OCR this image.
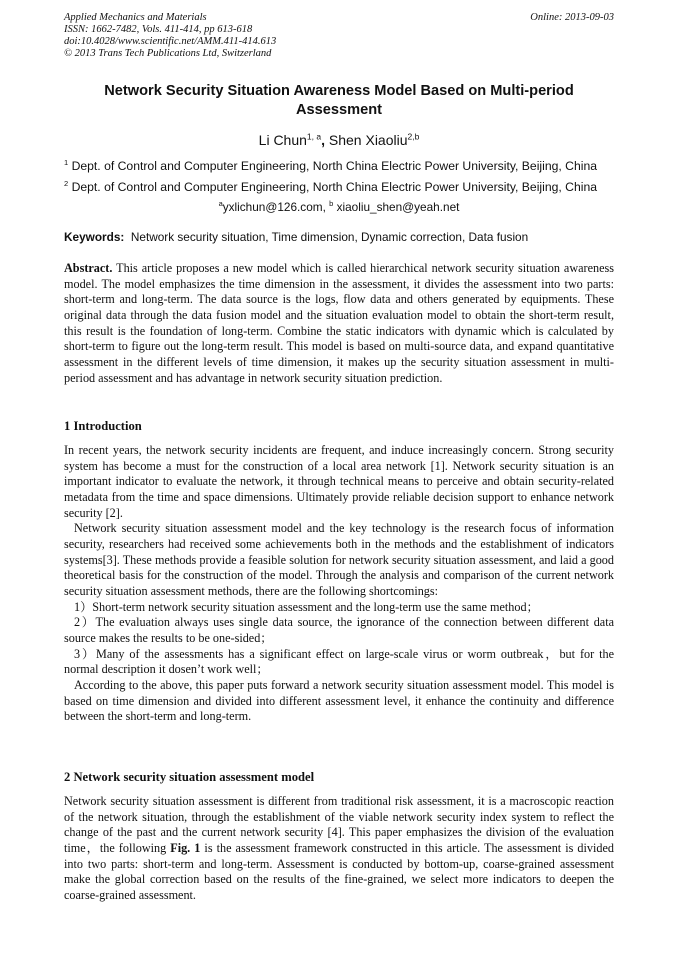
Applied Mechanics and Materials
ISSN: 1662-7482, Vols. 411-414, pp 613-618
doi:10.4028/www.scientific.net/AMM.411-414.613
© 2013 Trans Tech Publications Ltd, Switzerland
Online: 2013-09-03
Network Security Situation Awareness Model Based on Multi-period Assessment
Li Chun$^{1, a}$, Shen Xiaoliu$^{2,b}$
$^1$ Dept. of Control and Computer Engineering, North China Electric Power University, Beijing, China
$^2$ Dept. of Control and Computer Engineering, North China Electric Power University, Beijing, China
$^a$yxlichun@126.com, $^b$ xiaoliu_shen@yeah.net
Keywords:  Network security situation, Time dimension, Dynamic correction, Data fusion

Abstract. This article proposes a new model which is called hierarchical network security situation awareness model. The model emphasizes the time dimension in the assessment, it divides the assessment into two parts: short-term and long-term. The data source is the logs, flow data and others generated by equipments. These original data through the data fusion model and the situation evaluation model to obtain the short-term result, this result is the foundation of long-term. Combine the static indicators with dynamic which is calculated by short-term to figure out the long-term result. This model is based on multi-source data, and expand quantitative assessment in the different levels of time dimension, it makes up the security situation assessment in multi-period assessment and has advantage in network security situation prediction.

1 Introduction

In recent years, the network security incidents are frequent, and induce increasingly concern. Strong security system has become a must for the construction of a local area network [1]. Network security situation is an important indicator to evaluate the network, it through technical means to perceive and obtain security-related metadata from the time and space dimensions. Ultimately provide reliable decision support to enhance network security [2].

Network security situation assessment model and the key technology is the research focus of information security, researchers had received some achievements both in the methods and the establishment of indicators systems[3]. These methods provide a feasible solution for network security situation assessment, and laid a good theoretical basis for the construction of the model. Through the analysis and comparison of the current network security situation assessment methods, there are the following shortcomings:

1）Short-term network security situation assessment and the long-term use the same method；

2）The evaluation always uses single data source, the ignorance of the connection between different data source makes the results to be one-sided；

3）Many of the assessments has a significant effect on large-scale virus or worm outbreak，but for the normal description it dosen’t work well；

According to the above, this paper puts forward a network security situation assessment model. This model is based on time dimension and divided into different assessment level, it enhance the continuity and difference between the short-term and long-term.

2 Network security situation assessment model

Network security situation assessment is different from traditional risk assessment, it is a macroscopic reaction of the network situation, through the establishment of the viable network security index system to reflect the change of the past and the current network security [4]. This paper emphasizes the division of the evaluation time，the following Fig. 1 is the assessment framework constructed in this article. The assessment is divided into two parts: short-term and long-term. Assessment is conducted by bottom-up, coarse-grained assessment make the global correction based on the results of the fine-grained, we select more indicators to deepen the coarse-grained assessment.
